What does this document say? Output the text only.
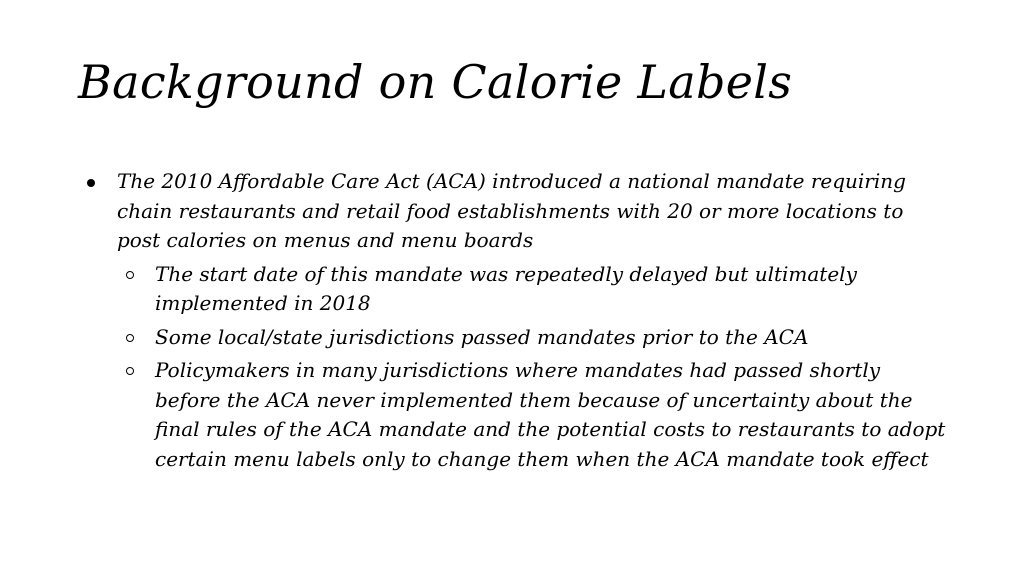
Background on Calorie Labels
The 2010 Affordable Care Act (ACA) introduced a national mandate requiring chain restaurants and retail food establishments with 20 or more locations to post calories on menus and menu boards
The start date of this mandate was repeatedly delayed but ultimately implemented in 2018
Some local/state jurisdictions passed mandates prior to the ACA
Policymakers in many jurisdictions where mandates had passed shortly before the ACA never implemented them because of uncertainty about the final rules of the ACA mandate and the potential costs to restaurants to adopt certain menu labels only to change them when the ACA mandate took effect
